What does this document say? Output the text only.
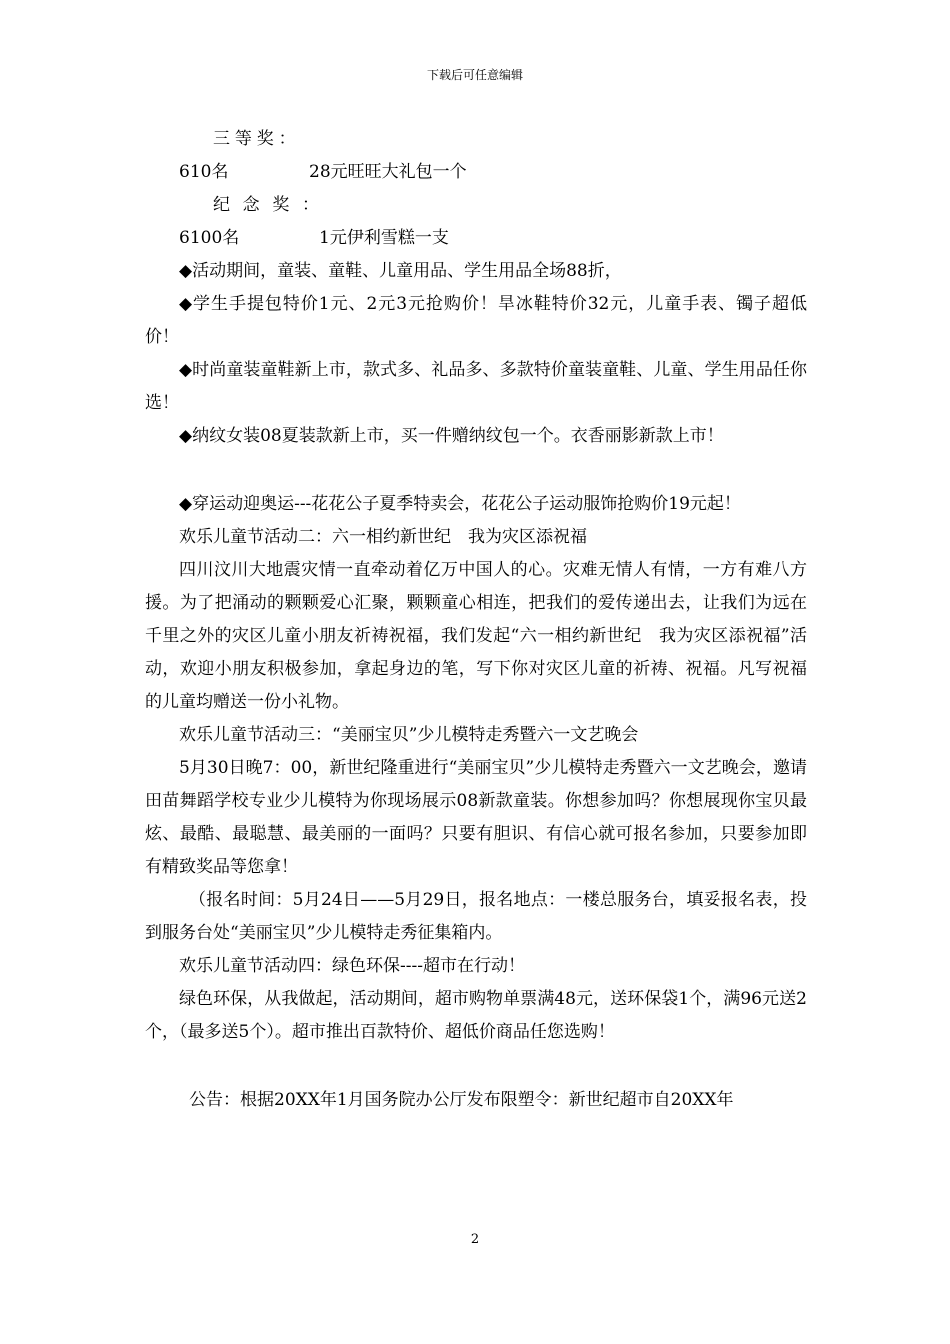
下载后可任意编辑

三等奖：　 610名	28元旺旺大礼包一个

纪念奖：6100名	1元伊利雪糕一支

◆活动期间，童装、童鞋、儿童用品、学生用品全场88折，

◆学生手提包特价1元、2元3元抢购价！旱冰鞋特价32元，儿童手表、镯子超低价！

◆时尚童装童鞋新上市，款式多、礼品多、多款特价童装童鞋、儿童、学生用品任你选！

◆纳纹女装08夏装款新上市，买一件赠纳纹包一个。衣香丽影新款上市！

◆穿运动迎奥运---花花公子夏季特卖会，花花公子运动服饰抢购价19元起！

欢乐儿童节活动二：六一相约新世纪　我为灾区添祝福

四川汶川大地震灾情一直牵动着亿万中国人的心。灾难无情人有情，一方有难八方援。为了把涌动的颗颗爱心汇聚，颗颗童心相连，把我们的爱传递出去，让我们为远在千里之外的灾区儿童小朋友祈祷祝福，我们发起“六一相约新世纪　我为灾区添祝福”活动，欢迎小朋友积极参加，拿起身边的笔，写下你对灾区儿童的祈祷、祝福。凡写祝福的儿童均赠送一份小礼物。

欢乐儿童节活动三：“美丽宝贝”少儿模特走秀暨六一文艺晚会

5月30日晚7：00，新世纪隆重进行“美丽宝贝”少儿模特走秀暨六一文艺晚会，邀请田苗舞蹈学校专业少儿模特为你现场展示08新款童装。你想参加吗？你想展现你宝贝最炫、最酷、最聪慧、最美丽的一面吗？只要有胆识、有信心就可报名参加，只要参加即有精致奖品等您拿！

（报名时间：5月24日——5月29日，报名地点：一楼总服务台，填妥报名表，投到服务台处“美丽宝贝”少儿模特走秀征集箱内。

欢乐儿童节活动四：绿色环保----超市在行动！

绿色环保，从我做起，活动期间，超市购物单票满48元，送环保袋1个，满96元送2个，（最多送5个）。超市推出百款特价、超低价商品任您选购！

公告：根据20XX年1月国务院办公厅发布限塑令：新世纪超市自20XX年

2
